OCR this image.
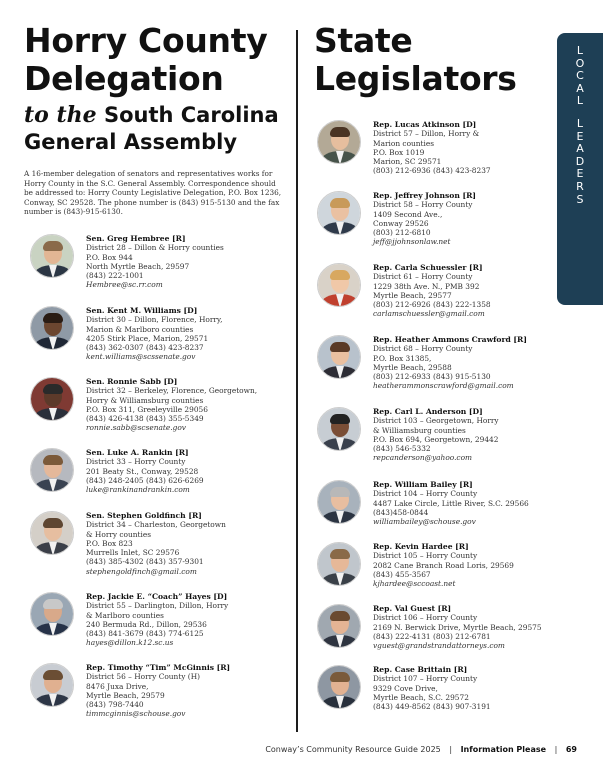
Horry County
Delegation
to the South Carolina
General Assembly

A 16-member delegation of senators and representatives works for Horry County in the S.C. General Assembly. Correspondence should be addressed to: Horry County Legislative Delegation, P.O. Box 1236, Conway, SC 29528. The phone number is (843) 915-5130 and the fax number is (843)-915-6130.

State
Legislators
Sen. Greg Hembree [R]
District 28 – Dillon & Horry counties
P.O. Box 944
North Myrtle Beach, 29597
(843) 222-1001
Hembree@sc.rr.com
Sen. Kent M. Williams [D]
District 30 – Dillon, Florence, Horry,
Marion & Marlboro counties
4205 Stirk Place, Marion, 29571
(843) 362-0307 (843) 423-8237
kent.williams@scssenate.gov
Sen. Ronnie Sabb [D]
District 32 – Berkeley, Florence, Georgetown,
Horry & Williamsburg counties
P.O. Box 311, Greeleyville 29056
(843) 426-4138 (843) 355-5349
ronnie.sabb@scsenate.gov
Sen. Luke A. Rankin [R]
District 33 – Horry County
201 Beaty St., Conway, 29528
(843) 248-2405 (843) 626-6269
luke@rankinandrankin.com
Sen. Stephen Goldfinch [R]
District 34 – Charleston, Georgetown
& Horry counties
P.O. Box 823
Murrells Inlet, SC 29576
(843) 385-4302 (843) 357-9301
stephengoldfinch@gmail.com
Rep. Jackie E. “Coach” Hayes [D]
District 55 – Darlington, Dillon, Horry
& Marlboro counties
240 Bermuda Rd., Dillon, 29536
(843) 841-3679 (843) 774-6125
hayes@dillon.k12.sc.us
Rep. Timothy “Tim” McGinnis [R]
District 56 – Horry County (H)
8476 Juxa Drive,
Myrtle Beach, 29579
(843) 798-7440
timmcginnis@schouse.gov
Rep. Lucas Atkinson [D]
District 57 – Dillon, Horry &
Marion counties
P.O. Box 1019
Marion, SC 29571
(803) 212-6936 (843) 423-8237
Rep. Jeffrey Johnson [R]
District 58 – Horry County
1409 Second Ave.,
Conway 29526
(803) 212-6810
jeff@jjohnsonlaw.net
Rep. Carla Schuessler [R]
District 61 – Horry County
1229 38th Ave. N., PMB 392
Myrtle Beach, 29577
(803) 212-6926 (843) 222-1358
carlamschuessler@gmail.com
Rep. Heather Ammons Crawford [R]
District 68 – Horry County
P.O. Box 31385,
Myrtle Beach, 29588
(803) 212-6933 (843) 915-5130
heatherammonscrawford@gmail.com
Rep. Carl L. Anderson [D]
District 103 – Georgetown, Horry
& Williamsburg counties
P.O. Box 694, Georgetown, 29442
(843) 546-5332
repcanderson@yahoo.com
Rep. William Bailey [R]
District 104 – Horry County
4487 Lake Circle, Little River, S.C. 29566
(843)458-0844
williambailey@schouse.gov
Rep. Kevin Hardee [R]
District 105 – Horry County
2082 Cane Branch Road Loris, 29569
(843) 455-3567
kjhardee@sccoast.net
Rep. Val Guest [R]
District 106 – Horry County
2169 N. Berwick Drive, Myrtle Beach, 29575
(843) 222-4131 (803) 212-6781
vguest@grandstrandattorneys.com
Rep. Case Brittain [R]
District 107 – Horry County
9329 Cove Drive,
Myrtle Beach, S.C. 29572
(843) 449-8562 (843) 907-3191
L
O
C
A
L
L
E
A
D
E
R
S
Conway’s Community Resource Guide 2025 | Information Please | 69
